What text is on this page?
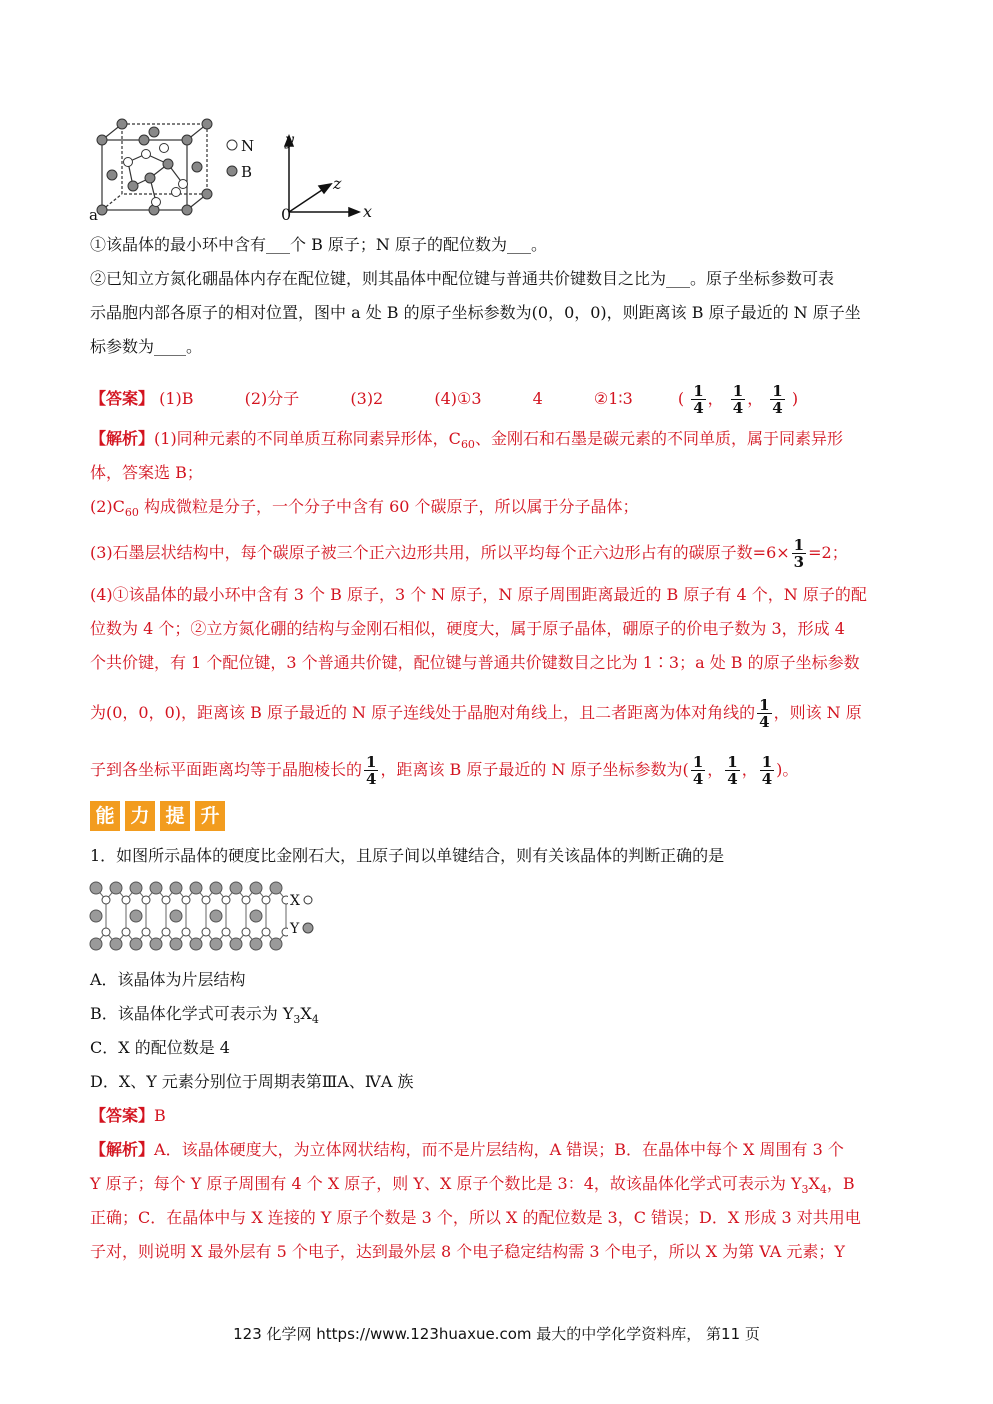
N
B
a
y
z
x
0
①该晶体的最小环中含有___个 B 原子；N 原子的配位数为___。
②已知立方氮化硼晶体内存在配位键，则其晶体中配位键与普通共价键数目之比为___。原子坐标参数可表
示晶胞内部各原子的相对位置，图中 a 处 B 的原子坐标参数为(0，0，0)，则距离该 B 原子最近的 N 原子坐
标参数为____。
【答案】 (1)B	(2)分子	(3)2	(4)①3	4	②1∶3	( $\frac{1}{4}$ ， $\frac{1}{4}$ ， $\frac{1}{4}$ )
【解析】(1)同种元素的不同单质互称同素异形体，$C_{60}$、金刚石和石墨是碳元素的不同单质，属于同素异形
体，答案选 B；
$(2)C_{60}$ 构成微粒是分子，一个分子中含有 60 个碳原子，所以属于分子晶体；
(3)石墨层状结构中，每个碳原子被三个正六边形共用，所以平均每个正六边形占有的碳原子数$=6\times \frac{1}{3} =2$；
(4)①该晶体的最小环中含有 3 个 B 原子，3 个 N 原子，N 原子周围距离最近的 B 原子有 4 个，N 原子的配
位数为 4 个；②立方氮化硼的结构与金刚石相似，硬度大，属于原子晶体，硼原子的价电子数为 3，形成 4
个共价键，有 1 个配位键，3 个普通共价键，配位键与普通共价键数目之比为 1∶3；a 处 B 的原子坐标参数
为(0，0，0)，距离该 B 原子最近的 N 原子连线处于晶胞对角线上，且二者距离为体对角线的 $\frac{1}{4}$ ，则该 N 原
子到各坐标平面距离均等于晶胞棱长的 $\frac{1}{4}$ ，距离该 B 原子最近的 N 原子坐标参数为( $\frac{1}{4}$ ， $\frac{1}{4}$ ， $\frac{1}{4}$ )。
能 力 提 升
1．如图所示晶体的硬度比金刚石大，且原子间以单键结合，则有关该晶体的判断正确的是
X
Y
A．该晶体为片层结构
B．该晶体化学式可表示为 $Y_3X_4$
C．X 的配位数是 4
D．X、Y 元素分别位于周期表第ⅢA、ⅣA 族
【答案】B
【解析】A．该晶体硬度大，为立体网状结构，而不是片层结构，A 错误；B．在晶体中每个 X 周围有 3 个
Y 原子；每个 Y 原子周围有 4 个 X 原子，则 Y、X 原子个数比是 3：4，故该晶体化学式可表示为 $Y_3X_4$，B
正确；C．在晶体中与 X 连接的 Y 原子个数是 3 个，所以 X 的配位数是 3，C 错误；D．X 形成 3 对共用电
子对，则说明 X 最外层有 5 个电子，达到最外层 8 个电子稳定结构需 3 个电子，所以 X 为第 VA 元素；Y
123 化学网 https://www.123huaxue.com 最大的中学化学资料库， 第11 页
